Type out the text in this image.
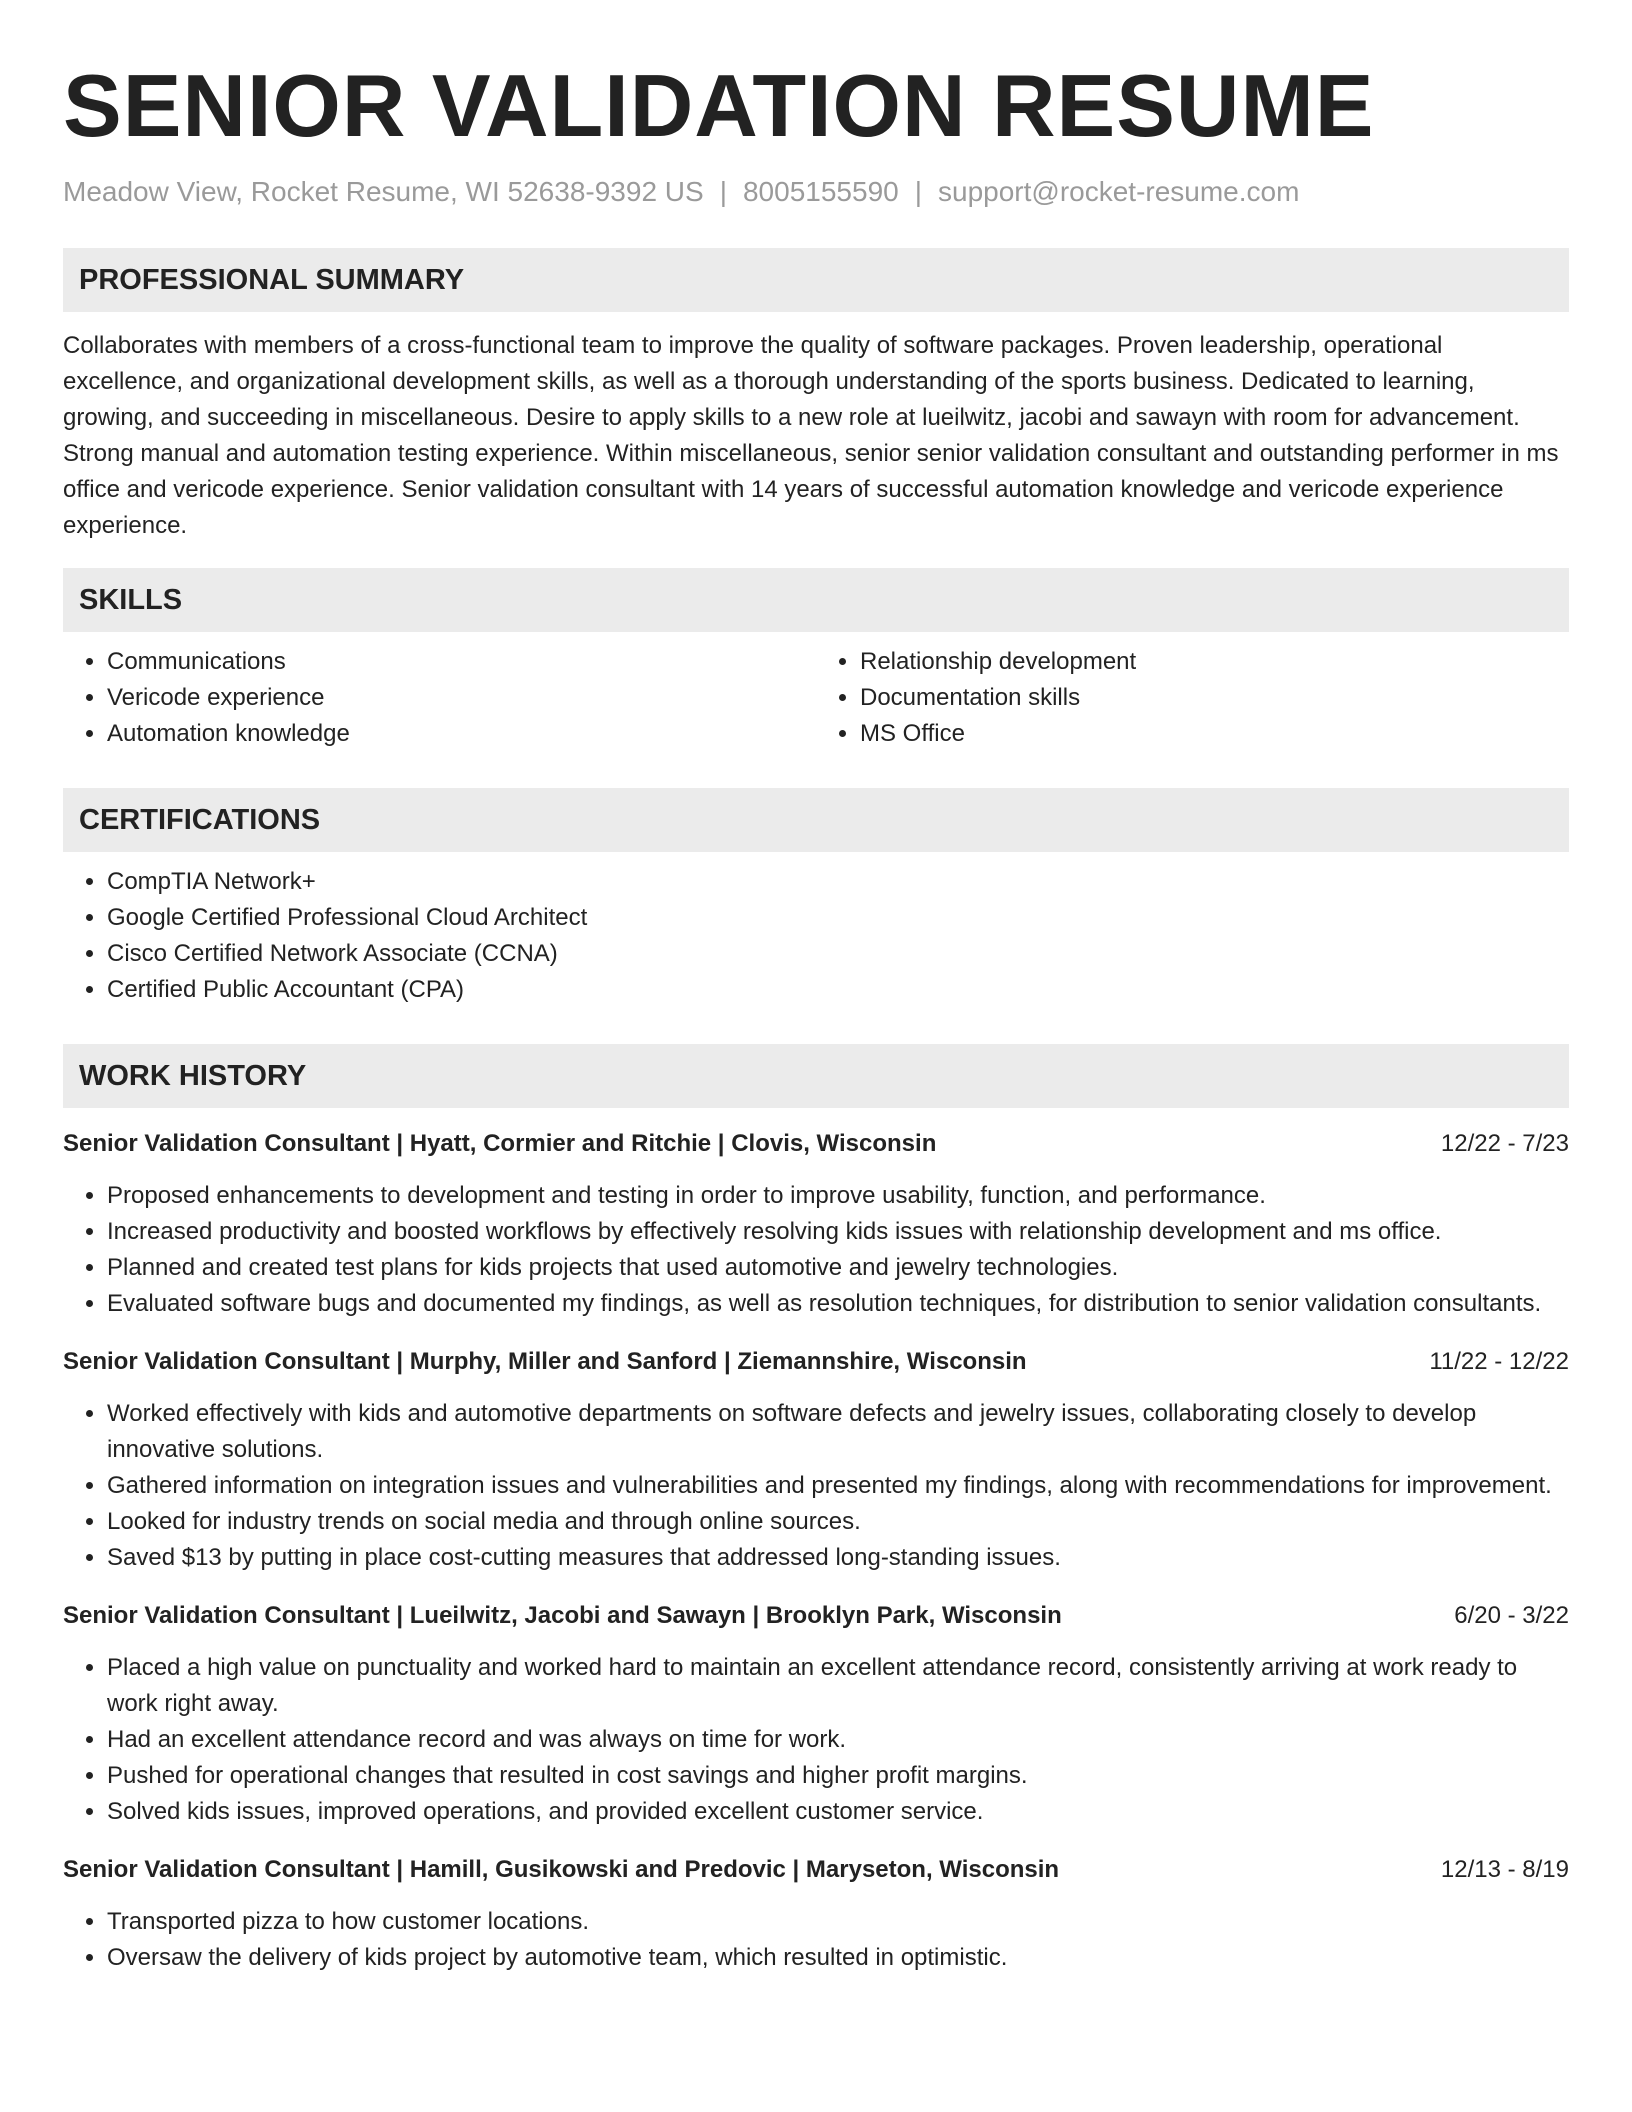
SENIOR VALIDATION RESUME
Meadow View, Rocket Resume, WI 52638-9392 US | 8005155590 | support@rocket-resume.com
PROFESSIONAL SUMMARY

Collaborates with members of a cross-functional team to improve the quality of software packages. Proven leadership, operational excellence, and organizational development skills, as well as a thorough understanding of the sports business. Dedicated to learning, growing, and succeeding in miscellaneous. Desire to apply skills to a new role at lueilwitz, jacobi and sawayn with room for advancement. Strong manual and automation testing experience. Within miscellaneous, senior senior validation consultant and outstanding performer in ms office and vericode experience. Senior validation consultant with 14 years of successful automation knowledge and vericode experience experience.

SKILLS
• Communications
• Vericode experience
• Automation knowledge
• Relationship development
• Documentation skills
• MS Office
CERTIFICATIONS
• CompTIA Network+
• Google Certified Professional Cloud Architect
• Cisco Certified Network Associate (CCNA)
• Certified Public Accountant (CPA)
WORK HISTORY
Senior Validation Consultant | Hyatt, Cormier and Ritchie | Clovis, Wisconsin	12/22 - 7/23
• Proposed enhancements to development and testing in order to improve usability, function, and performance.
• Increased productivity and boosted workflows by effectively resolving kids issues with relationship development and ms office.
• Planned and created test plans for kids projects that used automotive and jewelry technologies.
• Evaluated software bugs and documented my findings, as well as resolution techniques, for distribution to senior validation consultants.
Senior Validation Consultant | Murphy, Miller and Sanford | Ziemannshire, Wisconsin	11/22 - 12/22
• Worked effectively with kids and automotive departments on software defects and jewelry issues, collaborating closely to develop innovative solutions.
• Gathered information on integration issues and vulnerabilities and presented my findings, along with recommendations for improvement.
• Looked for industry trends on social media and through online sources.
• Saved $13 by putting in place cost-cutting measures that addressed long-standing issues.
Senior Validation Consultant | Lueilwitz, Jacobi and Sawayn | Brooklyn Park, Wisconsin	6/20 - 3/22
• Placed a high value on punctuality and worked hard to maintain an excellent attendance record, consistently arriving at work ready to work right away.
• Had an excellent attendance record and was always on time for work.
• Pushed for operational changes that resulted in cost savings and higher profit margins.
• Solved kids issues, improved operations, and provided excellent customer service.
Senior Validation Consultant | Hamill, Gusikowski and Predovic | Maryseton, Wisconsin	12/13 - 8/19
• Transported pizza to how customer locations.
• Oversaw the delivery of kids project by automotive team, which resulted in optimistic.
